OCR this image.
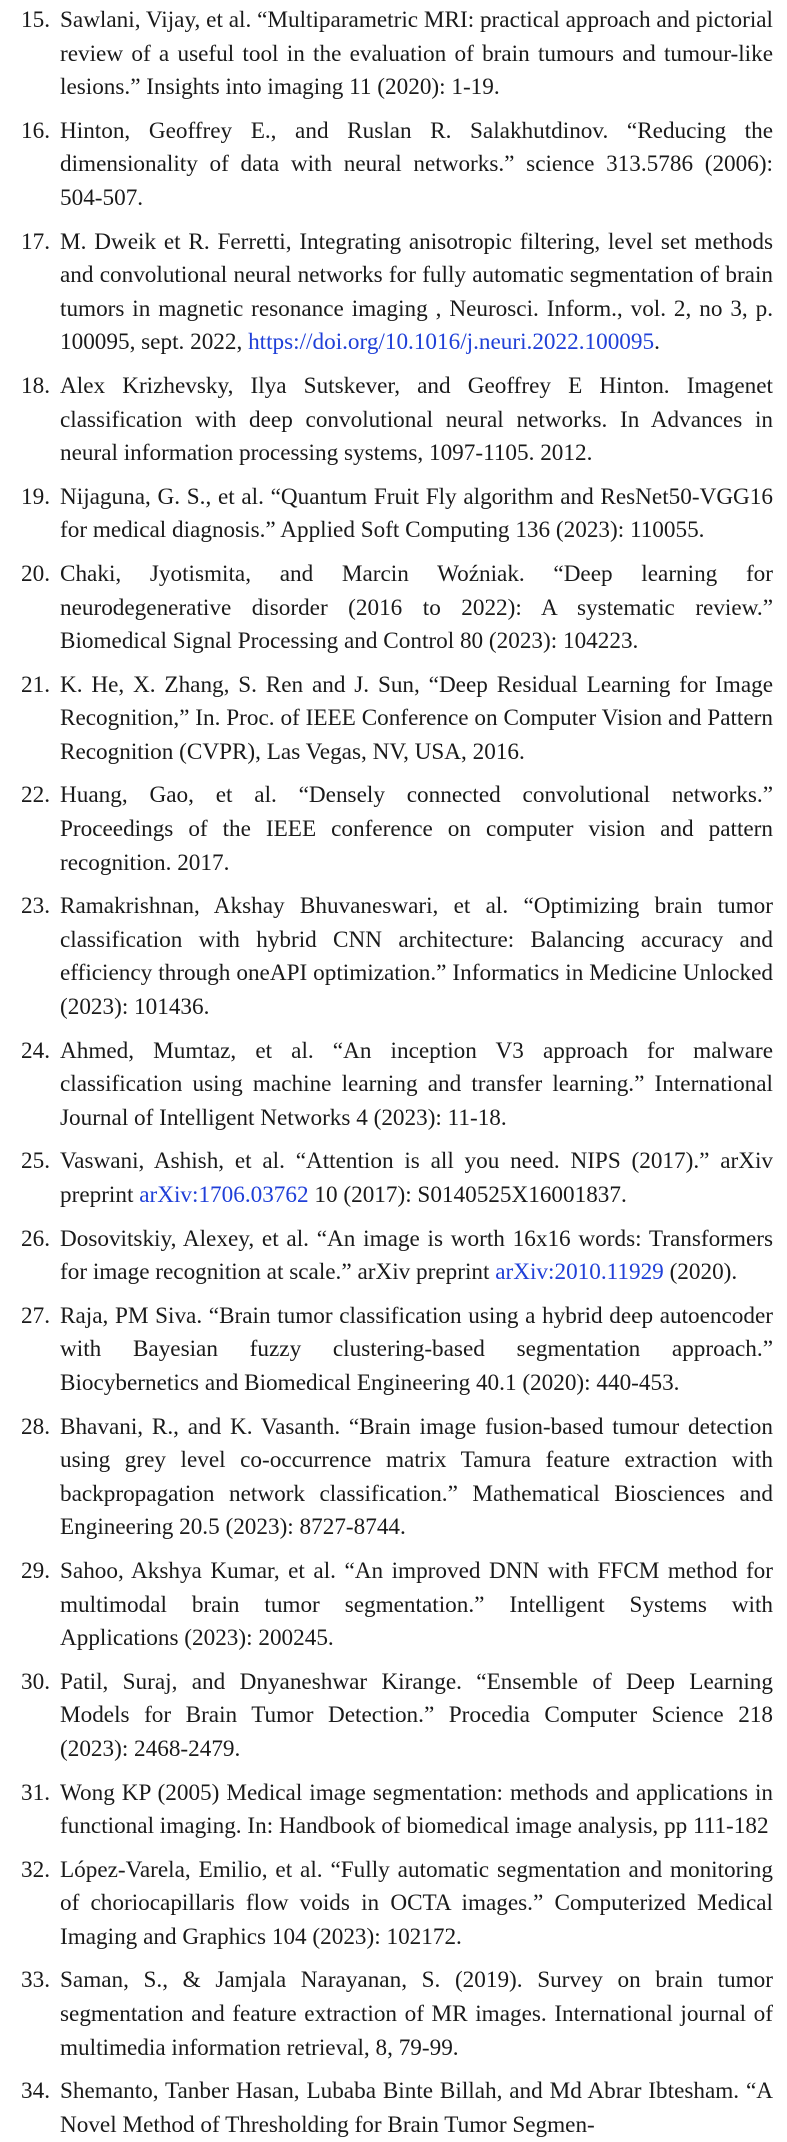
15. Sawlani, Vijay, et al. “Multiparametric MRI: practical approach and pictorial review of a useful tool in the evaluation of brain tumours and tumour-like lesions.” Insights into imaging 11 (2020): 1-19.
16. Hinton, Geoffrey E., and Ruslan R. Salakhutdinov. “Reducing the dimensionality of data with neural networks.” science 313.5786 (2006): 504-507.
17. M. Dweik et R. Ferretti, Integrating anisotropic filtering, level set methods and convolutional neural networks for fully automatic segmentation of brain tumors in magnetic resonance imaging , Neurosci. Inform., vol. 2, no 3, p. 100095, sept. 2022, https://doi.org/10.1016/j.neuri.2022.100095.
18. Alex Krizhevsky, Ilya Sutskever, and Geoffrey E Hinton. Imagenet classification with deep convolutional neural networks. In Advances in neural information processing systems, 1097-1105. 2012.
19. Nijaguna, G. S., et al. “Quantum Fruit Fly algorithm and ResNet50-VGG16 for medical diagnosis.” Applied Soft Computing 136 (2023): 110055.
20. Chaki, Jyotismita, and Marcin Woźniak. “Deep learning for neurodegenerative disorder (2016 to 2022): A systematic review.” Biomedical Signal Processing and Control 80 (2023): 104223.
21. K. He, X. Zhang, S. Ren and J. Sun, “Deep Residual Learning for Image Recognition,” In. Proc. of IEEE Conference on Computer Vision and Pattern Recognition (CVPR), Las Vegas, NV, USA, 2016.
22. Huang, Gao, et al. “Densely connected convolutional networks.” Proceedings of the IEEE conference on computer vision and pattern recognition. 2017.
23. Ramakrishnan, Akshay Bhuvaneswari, et al. “Optimizing brain tumor classification with hybrid CNN architecture: Balancing accuracy and efficiency through oneAPI optimization.” Informatics in Medicine Unlocked (2023): 101436.
24. Ahmed, Mumtaz, et al. “An inception V3 approach for malware classification using machine learning and transfer learning.” International Journal of Intelligent Networks 4 (2023): 11-18.
25. Vaswani, Ashish, et al. “Attention is all you need. NIPS (2017).” arXiv preprint arXiv:1706.03762 10 (2017): S0140525X16001837.
26. Dosovitskiy, Alexey, et al. “An image is worth 16x16 words: Transformers for image recognition at scale.” arXiv preprint arXiv:2010.11929 (2020).
27. Raja, PM Siva. “Brain tumor classification using a hybrid deep autoencoder with Bayesian fuzzy clustering-based segmentation approach.” Biocybernetics and Biomedical Engineering 40.1 (2020): 440-453.
28. Bhavani, R., and K. Vasanth. “Brain image fusion-based tumour detection using grey level co-occurrence matrix Tamura feature extraction with backpropagation network classification.” Mathematical Biosciences and Engineering 20.5 (2023): 8727-8744.
29. Sahoo, Akshya Kumar, et al. “An improved DNN with FFCM method for multimodal brain tumor segmentation.” Intelligent Systems with Applications (2023): 200245.
30. Patil, Suraj, and Dnyaneshwar Kirange. “Ensemble of Deep Learning Models for Brain Tumor Detection.” Procedia Computer Science 218 (2023): 2468-2479.
31. Wong KP (2005) Medical image segmentation: methods and applications in functional imaging. In: Handbook of biomedical image analysis, pp 111-182
32. López-Varela, Emilio, et al. “Fully automatic segmentation and monitoring of choriocapillaris flow voids in OCTA images.” Computerized Medical Imaging and Graphics 104 (2023): 102172.
33. Saman, S., & Jamjala Narayanan, S. (2019). Survey on brain tumor segmentation and feature extraction of MR images. International journal of multimedia information retrieval, 8, 79-99.
34. Shemanto, Tanber Hasan, Lubaba Binte Billah, and Md Abrar Ibtesham. “A Novel Method of Thresholding for Brain Tumor Segmen-
